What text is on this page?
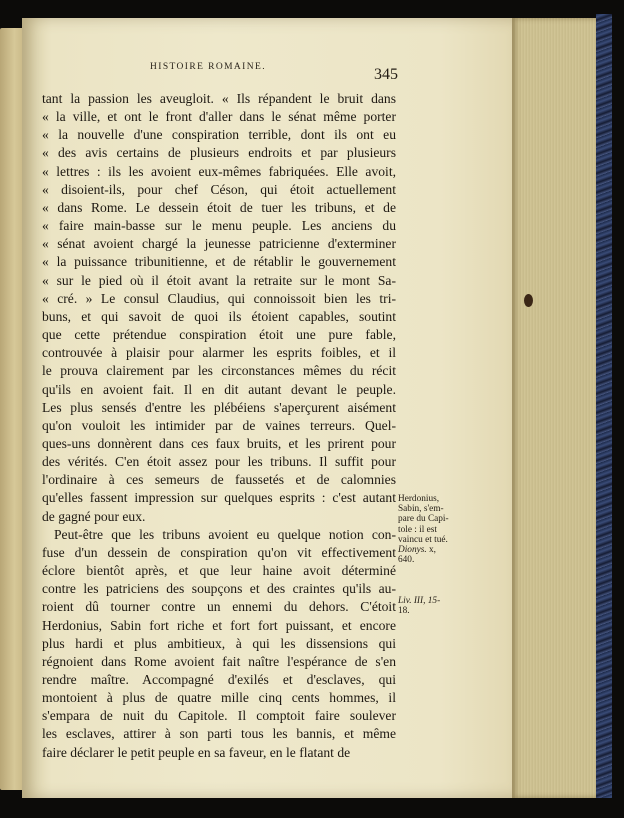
HISTOIRE ROMAINE.	345
tant la passion les aveugloit. « Ils répandent le bruit dans
« la ville, et ont le front d'aller dans le sénat même porter
« la nouvelle d'une conspiration terrible, dont ils ont eu
« des avis certains de plusieurs endroits et par plusieurs
« lettres : ils les avoient eux-mêmes fabriquées. Elle avoit,
« disoient-ils, pour chef Céson, qui étoit actuellement
« dans Rome. Le dessein étoit de tuer les tribuns, et de
« faire main-basse sur le menu peuple. Les anciens du
« sénat avoient chargé la jeunesse patricienne d'exterminer
« la puissance tribunitienne, et de rétablir le gouvernement
« sur le pied où il étoit avant la retraite sur le mont Sa-
« cré. » Le consul Claudius, qui connoissoit bien les tri-
buns, et qui savoit de quoi ils étoient capables, soutint
que cette prétendue conspiration étoit une pure fable,
controuvée à plaisir pour alarmer les esprits foibles, et il
le prouva clairement par les circonstances mêmes du récit
qu'ils en avoient fait. Il en dit autant devant le peuple.
Les plus sensés d'entre les plébéiens s'aperçurent aisément
qu'on vouloit les intimider par de vaines terreurs. Quel-
ques-uns donnèrent dans ces faux bruits, et les prirent pour
des vérités. C'en étoit assez pour les tribuns. Il suffit pour
l'ordinaire à ces semeurs de faussetés et de calomnies
qu'elles fassent impression sur quelques esprits : c'est autant
de gagné pour eux.
Peut-être que les tribuns avoient eu quelque notion con-
fuse d'un dessein de conspiration qu'on vit effectivement
éclore bientôt après, et que leur haine avoit déterminé
contre les patriciens des soupçons et des craintes qu'ils au-
roient dû tourner contre un ennemi du dehors. C'étoit
Herdonius, Sabin fort riche et fort fort puissant, et encore
plus hardi et plus ambitieux, à qui les dissensions qui
régnoient dans Rome avoient fait naître l'espérance de s'en
rendre maître. Accompagné d'exilés et d'esclaves, qui
montoient à plus de quatre mille cinq cents hommes, il
s'empara de nuit du Capitole. Il comptoit faire soulever
les esclaves, attirer à son parti tous les bannis, et même
faire déclarer le petit peuple en sa faveur, en le flatant de
Herdonius,
Sabin, s'em-
pare du Capi-
tole : il est
vaincu et tué.
Dionys. x,
640.
Liv. III, 15-
18.
